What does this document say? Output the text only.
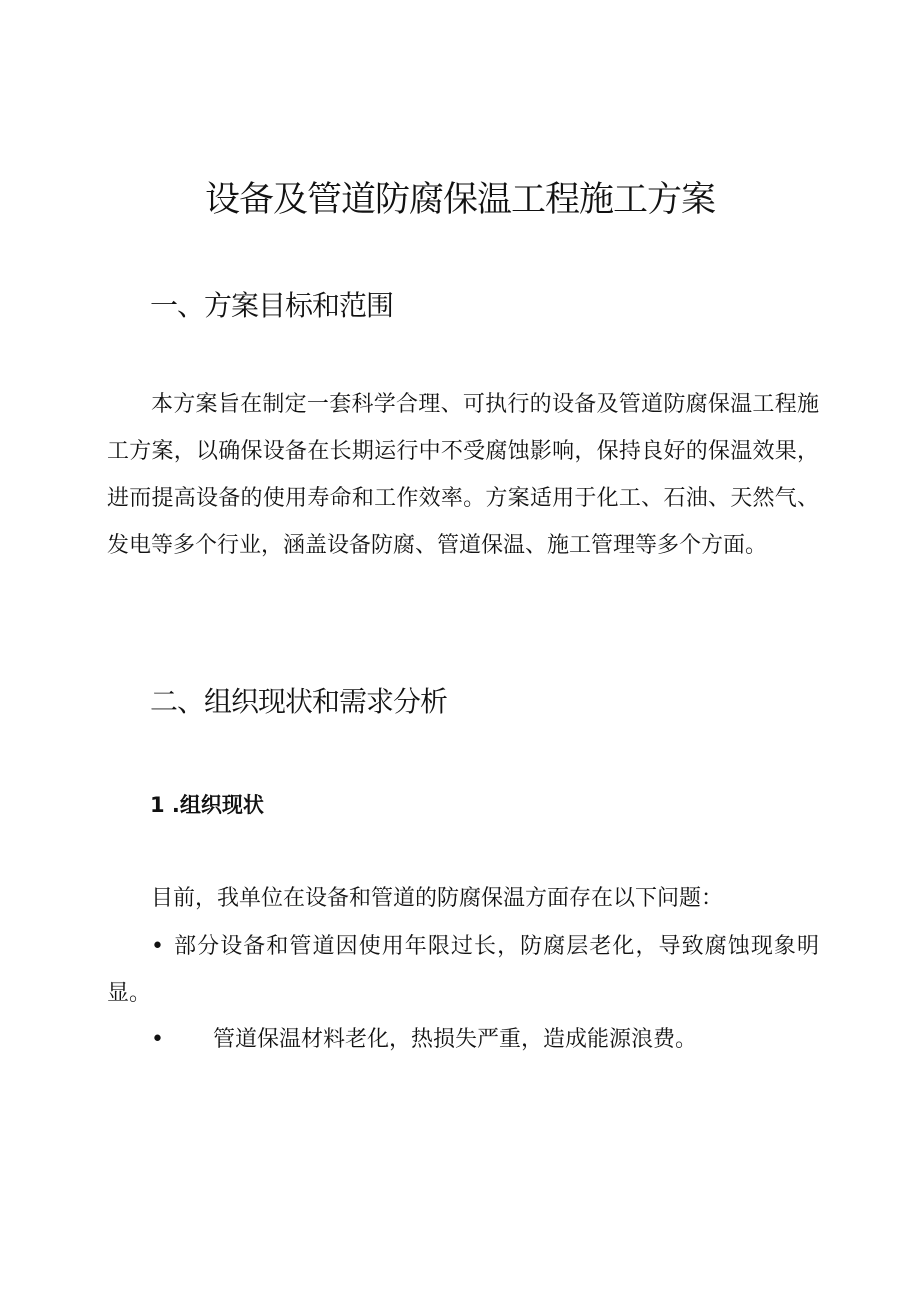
设备及管道防腐保温工程施工方案
一、方案目标和范围

本方案旨在制定一套科学合理、可执行的设备及管道防腐保温工程施工方案，以确保设备在长期运行中不受腐蚀影响，保持良好的保温效果，进而提高设备的使用寿命和工作效率。方案适用于化工、石油、天然气、发电等多个行业，涵盖设备防腐、管道保温、施工管理等多个方面。

二、组织现状和需求分析
1 .组织现状

目前，我单位在设备和管道的防腐保温方面存在以下问题：

• 部分设备和管道因使用年限过长，防腐层老化，导致腐蚀现象明显。

• 管道保温材料老化，热损失严重，造成能源浪费。
